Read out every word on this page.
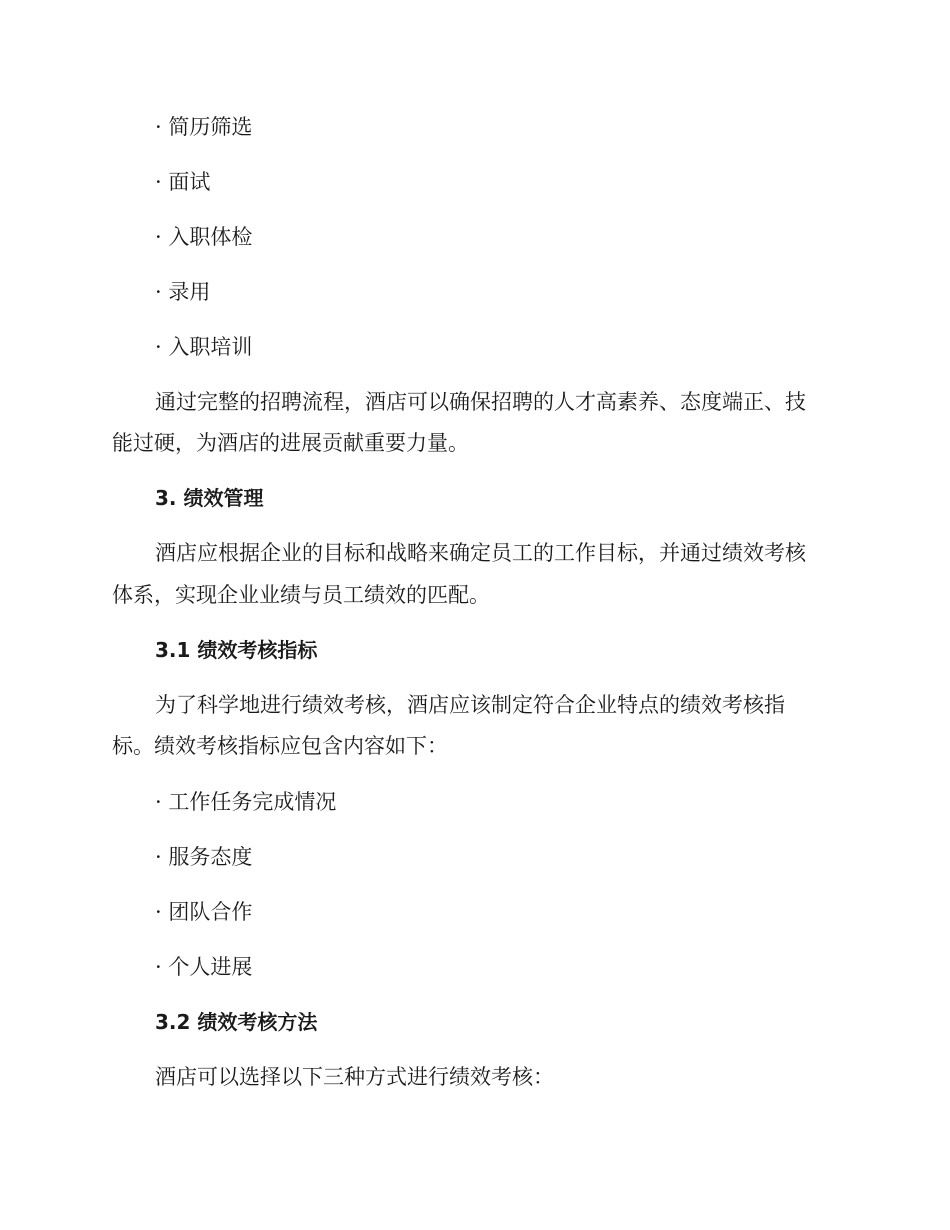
· 简历筛选
· 面试
· 入职体检
· 录用
· 入职培训
通过完整的招聘流程，酒店可以确保招聘的人才高素养、态度端正、技
能过硬，为酒店的进展贡献重要力量。
3. 绩效管理
酒店应根据企业的目标和战略来确定员工的工作目标，并通过绩效考核
体系，实现企业业绩与员工绩效的匹配。
3.1 绩效考核指标
为了科学地进行绩效考核，酒店应该制定符合企业特点的绩效考核指
标。绩效考核指标应包含内容如下：
· 工作任务完成情况
· 服务态度
· 团队合作
· 个人进展
3.2 绩效考核方法
酒店可以选择以下三种方式进行绩效考核：
